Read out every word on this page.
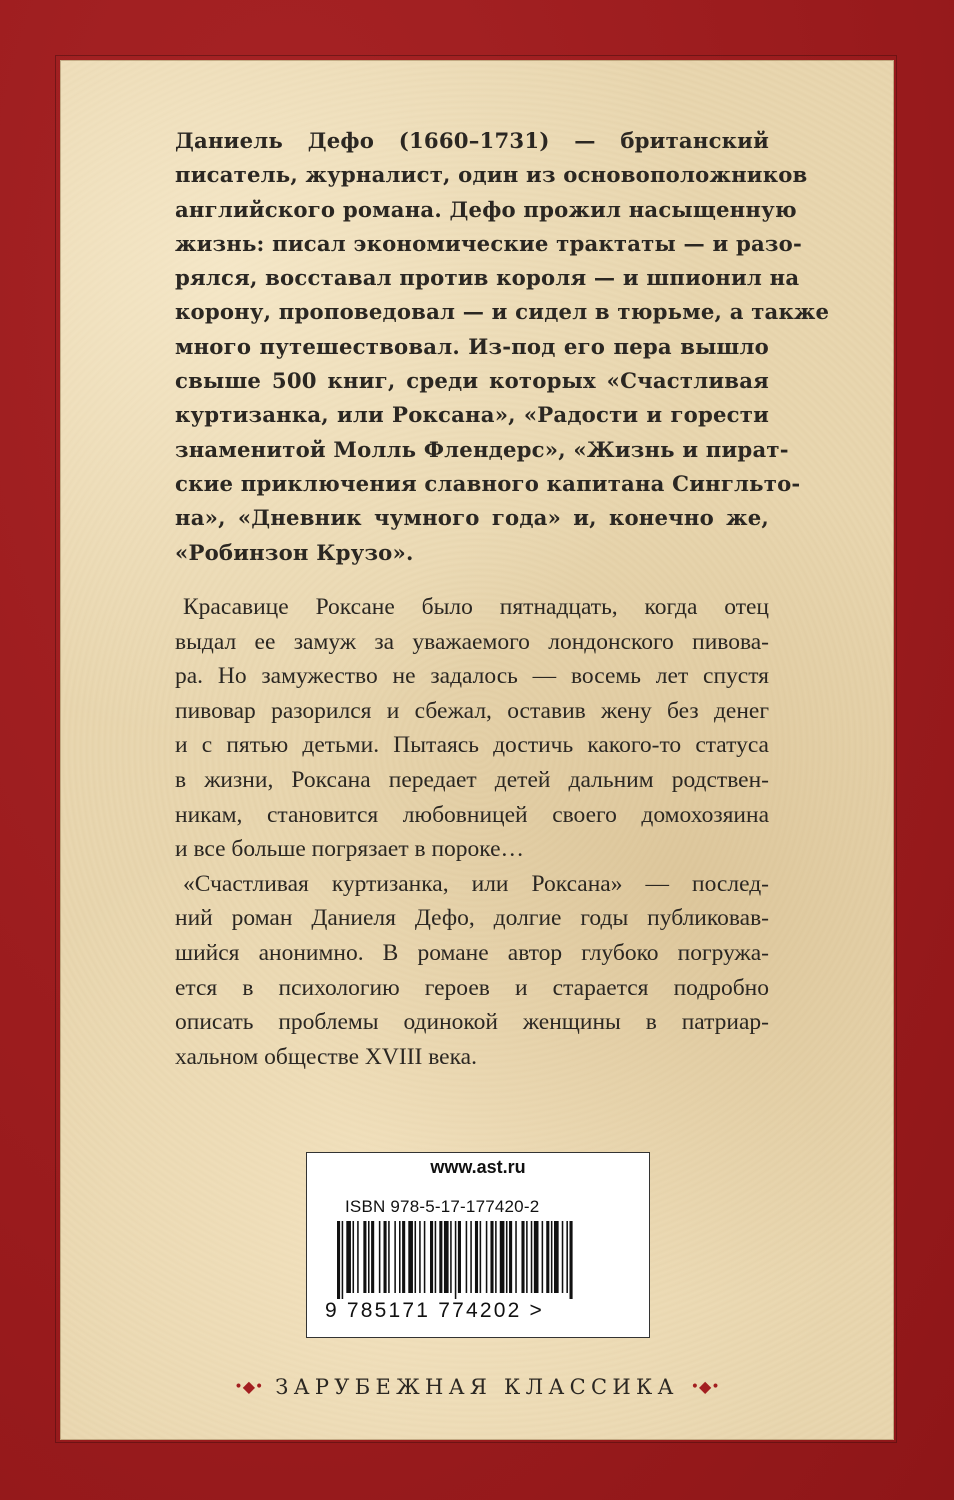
Даниель Дефо (1660–1731) — британский
писатель, журналист, один из основоположников
английского романа. Дефо прожил насыщенную
жизнь: писал экономические трактаты — и разо-
рялся, восставал против короля — и шпионил на
корону, проповедовал — и сидел в тюрьме, а также
много путешествовал. Из-под его пера вышло
свыше 500 книг, среди которых «Счастливая
куртизанка, или Роксана», «Радости и горести
знаменитой Молль Флендерс», «Жизнь и пират-
ские приключения славного капитана Сингльто-
на», «Дневник чумного года» и, конечно же,
«Робинзон Крузо».
Красавице Роксане было пятнадцать, когда отец
выдал ее замуж за уважаемого лондонского пивова-
ра. Но замужество не задалось — восемь лет спустя
пивовар разорился и сбежал, оставив жену без денег
и с пятью детьми. Пытаясь достичь какого-то статуса
в жизни, Роксана передает детей дальним родствен-
никам, становится любовницей своего домохозяина
и все больше погрязает в пороке…
«Счастливая куртизанка, или Роксана» — послед-
ний роман Даниеля Дефо, долгие годы публиковав-
шийся анонимно. В романе автор глубоко погружа-
ется в психологию героев и старается подробно
описать проблемы одинокой женщины в патриар-
хальном обществе XVIII века.
www.ast.ru
ISBN 978-5-17-177420-2
9 785171 774202 >
•◆• ЗАРУБЕЖНАЯ КЛАССИКА •◆•
